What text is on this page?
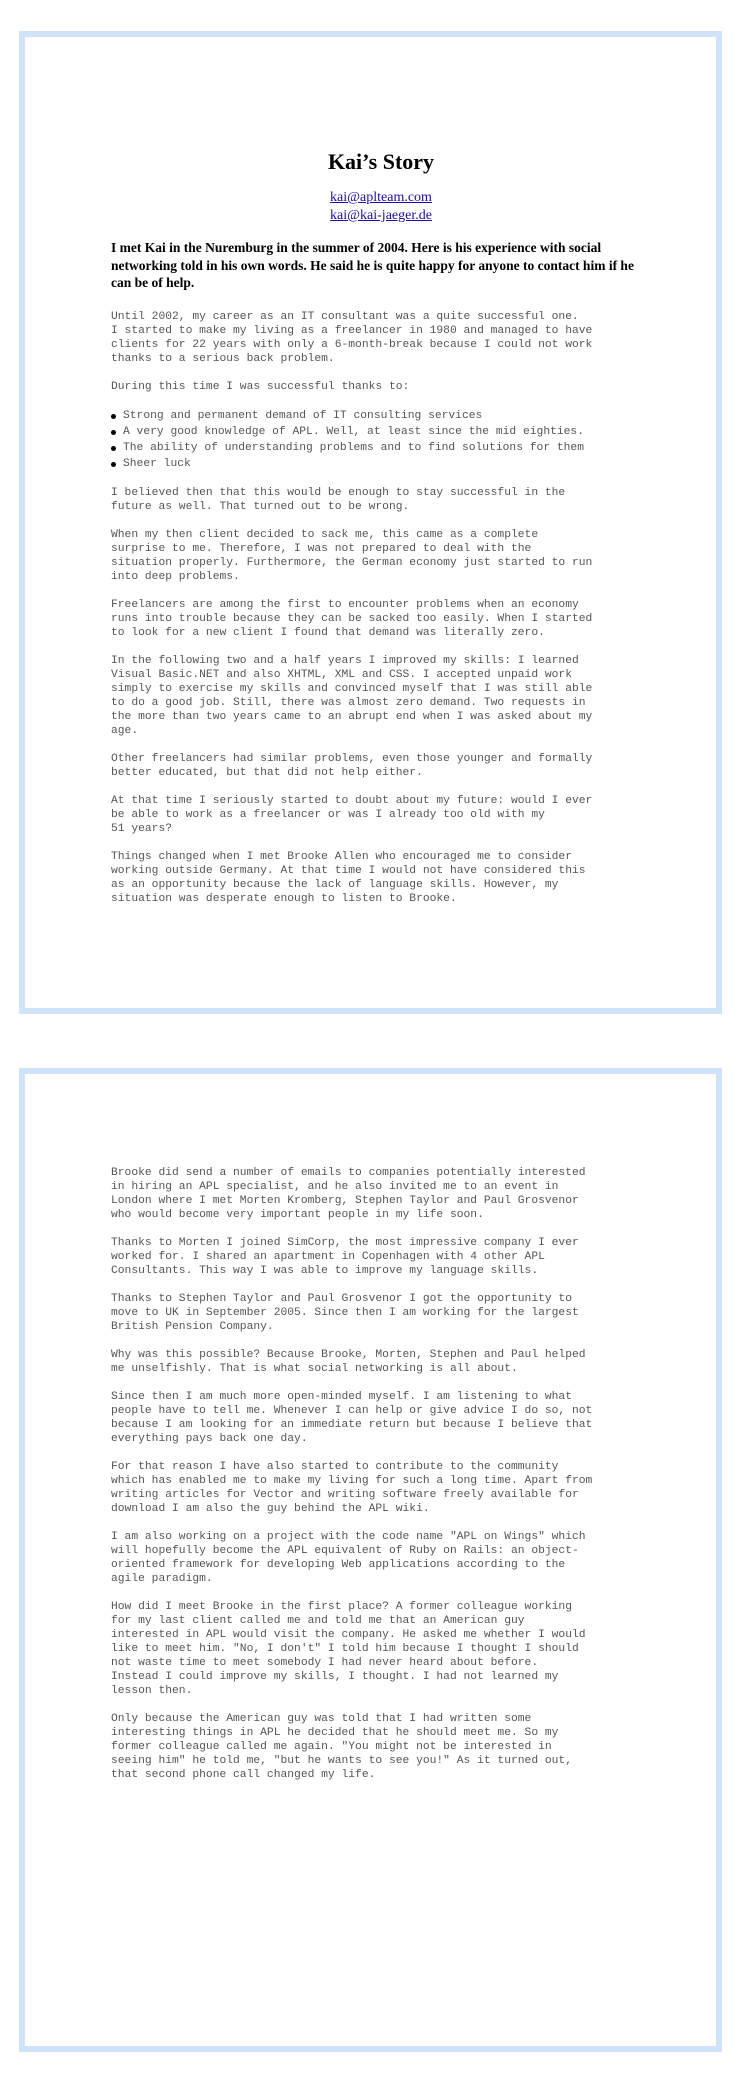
Kai’s Story
kai@aplteam.com
kai@kai-jaeger.de

I met Kai in the Nuremburg in the summer of 2004. Here is his experience with social networking told in his own words. He said he is quite happy for anyone to contact him if he can be of help.

Until 2002, my career as an IT consultant was a quite successful one.
I started to make my living as a freelancer in 1980 and managed to have
clients for 22 years with only a 6-month-break because I could not work
thanks to a serious back problem.

During this time I was successful thanks to:

Strong and permanent demand of IT consulting services
A very good knowledge of APL. Well, at least since the mid eighties.
The ability of understanding problems and to find solutions for them
Sheer luck

I believed then that this would be enough to stay successful in the
future as well. That turned out to be wrong.

When my then client decided to sack me, this came as a complete
surprise to me. Therefore, I was not prepared to deal with the
situation properly. Furthermore, the German economy just started to run
into deep problems.

Freelancers are among the first to encounter problems when an economy
runs into trouble because they can be sacked too easily. When I started
to look for a new client I found that demand was literally zero.

In the following two and a half years I improved my skills: I learned
Visual Basic.NET and also XHTML, XML and CSS. I accepted unpaid work
simply to exercise my skills and convinced myself that I was still able
to do a good job. Still, there was almost zero demand. Two requests in
the more than two years came to an abrupt end when I was asked about my
age.

Other freelancers had similar problems, even those younger and formally
better educated, but that did not help either.

At that time I seriously started to doubt about my future: would I ever
be able to work as a freelancer or was I already too old with my
51 years?

Things changed when I met Brooke Allen who encouraged me to consider
working outside Germany. At that time I would not have considered this
as an opportunity because the lack of language skills. However, my
situation was desperate enough to listen to Brooke.

Brooke did send a number of emails to companies potentially interested
in hiring an APL specialist, and he also invited me to an event in
London where I met Morten Kromberg, Stephen Taylor and Paul Grosvenor
who would become very important people in my life soon.

Thanks to Morten I joined SimCorp, the most impressive company I ever
worked for. I shared an apartment in Copenhagen with 4 other APL
Consultants. This way I was able to improve my language skills.

Thanks to Stephen Taylor and Paul Grosvenor I got the opportunity to
move to UK in September 2005. Since then I am working for the largest
British Pension Company.

Why was this possible? Because Brooke, Morten, Stephen and Paul helped
me unselfishly. That is what social networking is all about.

Since then I am much more open-minded myself. I am listening to what
people have to tell me. Whenever I can help or give advice I do so, not
because I am looking for an immediate return but because I believe that
everything pays back one day.

For that reason I have also started to contribute to the community
which has enabled me to make my living for such a long time. Apart from
writing articles for Vector and writing software freely available for
download I am also the guy behind the APL wiki.

I am also working on a project with the code name "APL on Wings" which
will hopefully become the APL equivalent of Ruby on Rails: an object-
oriented framework for developing Web applications according to the
agile paradigm.

How did I meet Brooke in the first place? A former colleague working
for my last client called me and told me that an American guy
interested in APL would visit the company. He asked me whether I would
like to meet him. "No, I don't" I told him because I thought I should
not waste time to meet somebody I had never heard about before.
Instead I could improve my skills, I thought. I had not learned my
lesson then.

Only because the American guy was told that I had written some
interesting things in APL he decided that he should meet me. So my
former colleague called me again. "You might not be interested in
seeing him" he told me, "but he wants to see you!" As it turned out,
that second phone call changed my life.
